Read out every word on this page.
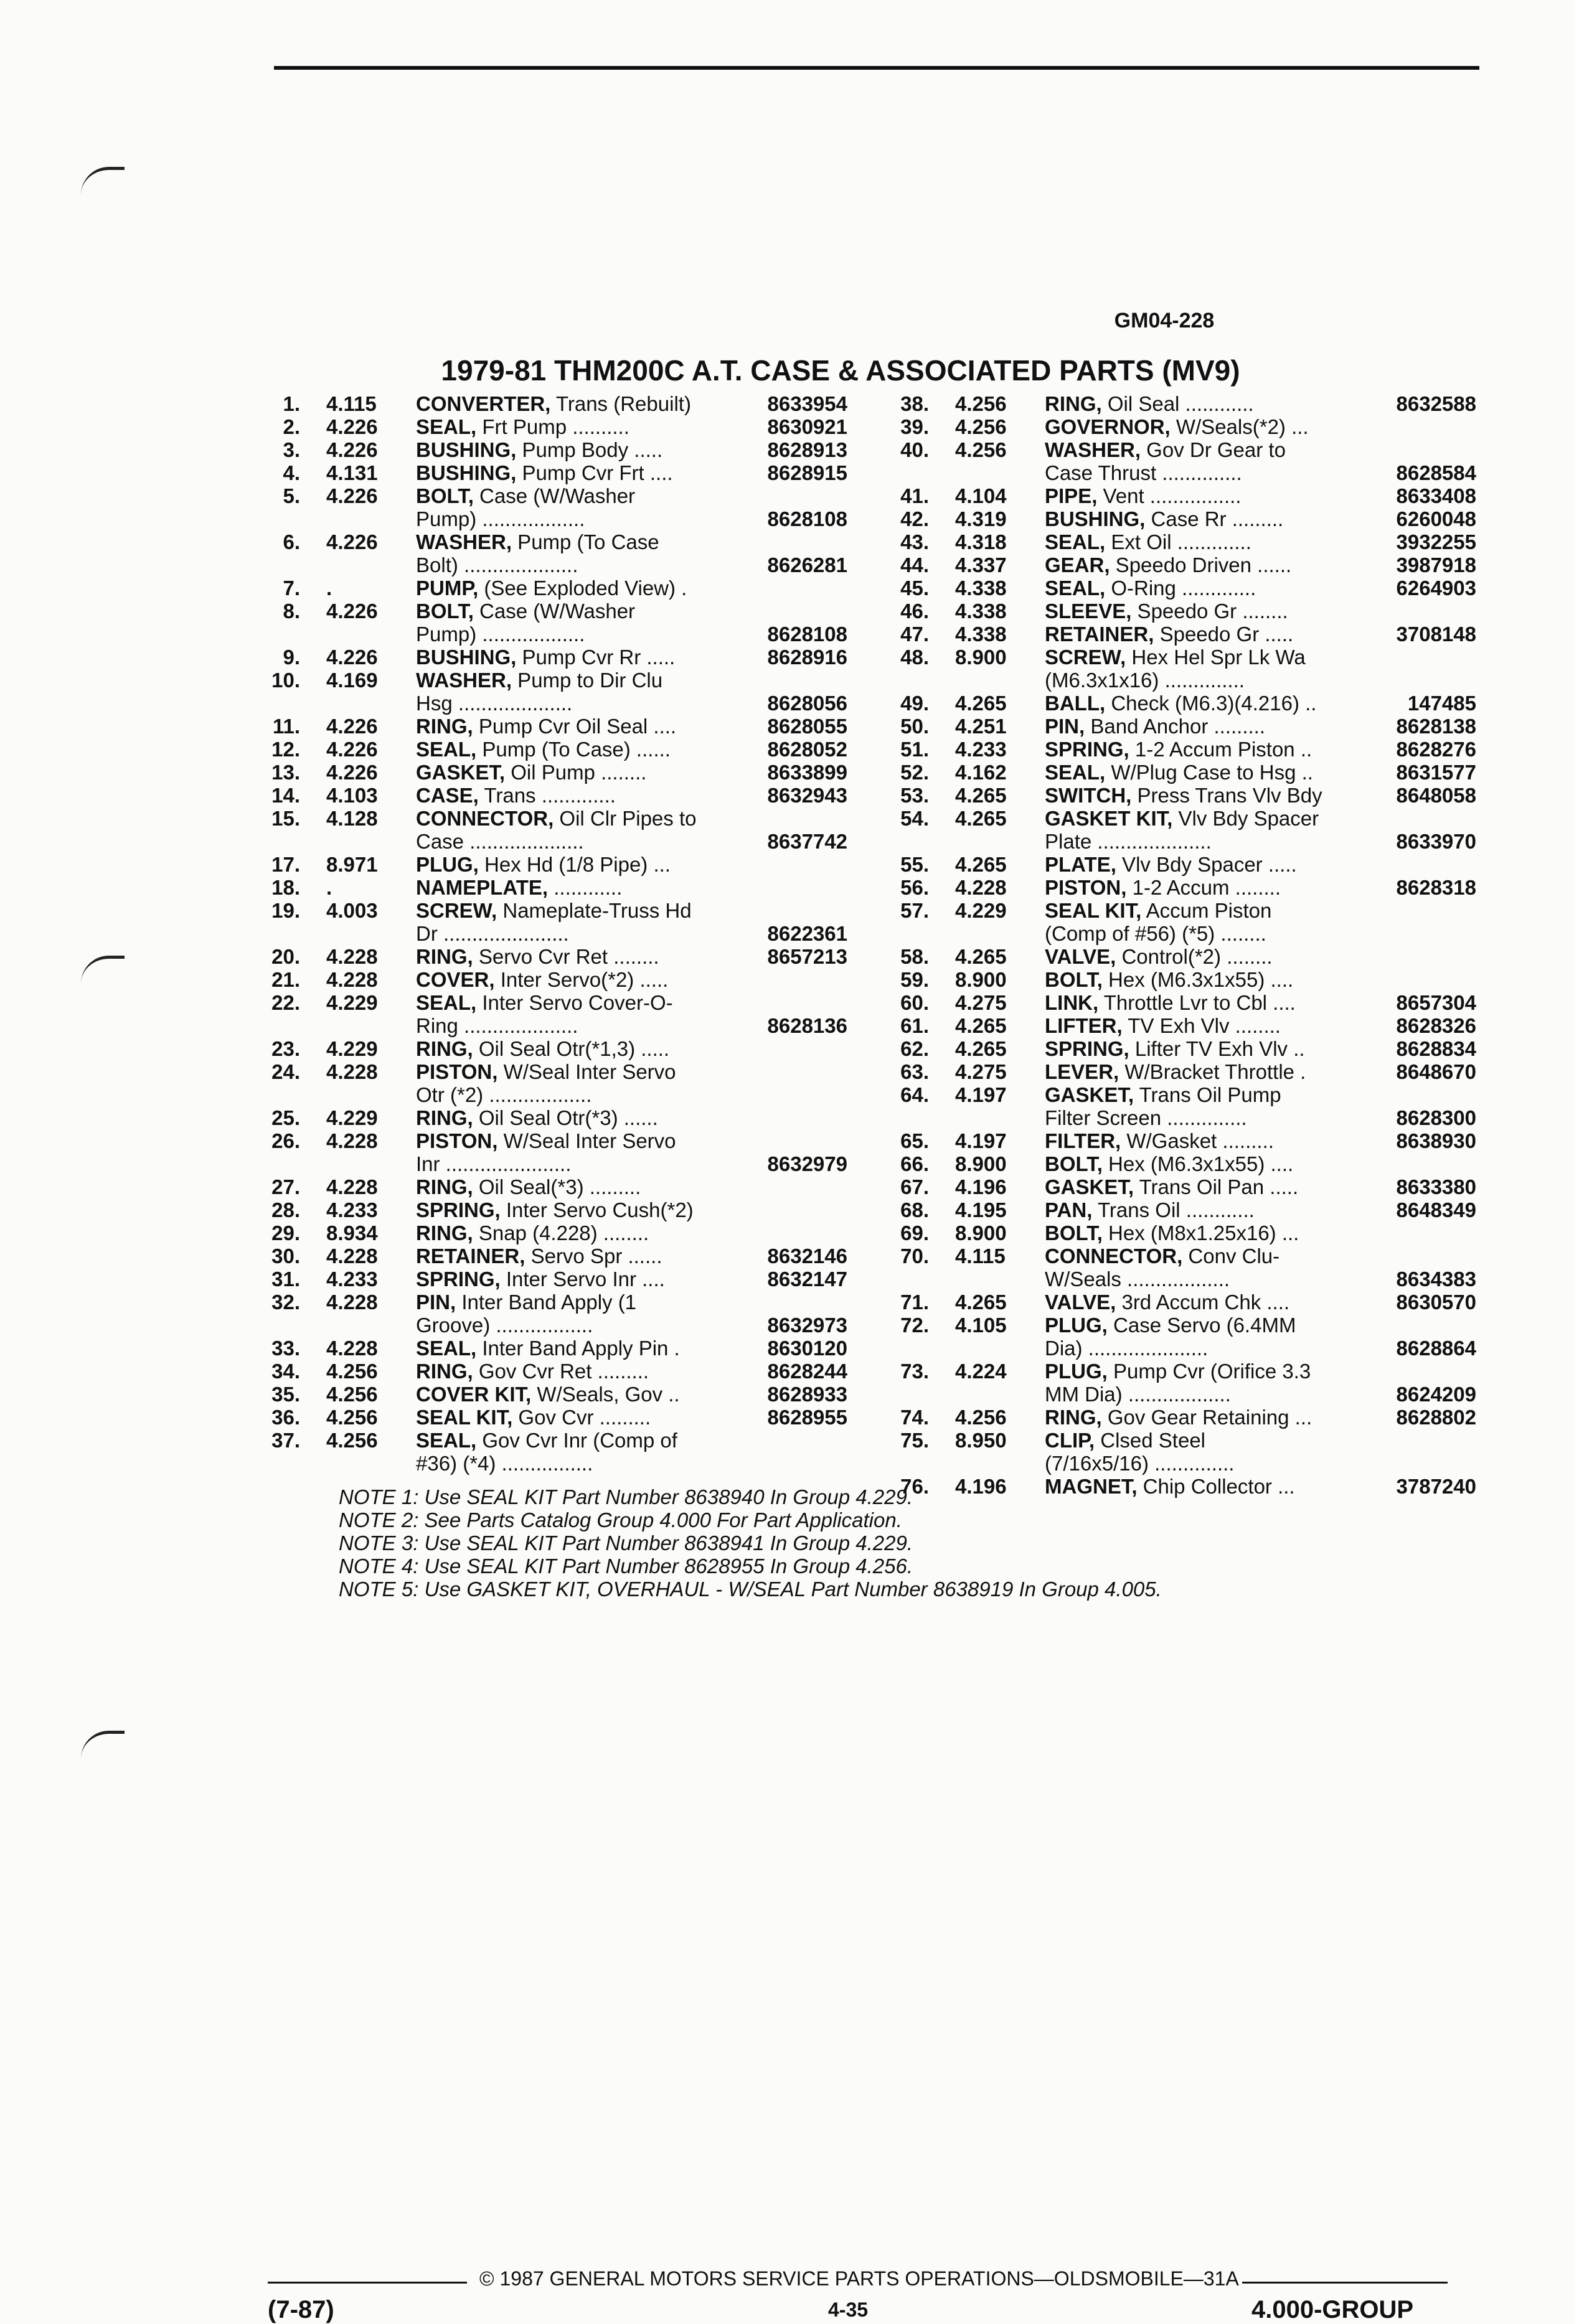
GM04-228
1979-81 THM200C A.T. CASE & ASSOCIATED PARTS (MV9)
1. 4.115 CONVERTER, Trans (Rebuilt)	8633954
2. 4.226 SEAL, Frt Pump ..........	8630921
3. 4.226 BUSHING, Pump Body .....	8628913
4. 4.131 BUSHING, Pump Cvr Frt ....	8628915
5. 4.226 BOLT, Case (W/Washer
Pump) ..................	8628108
6. 4.226 WASHER, Pump (To Case
Bolt) ....................	8626281
7. .	PUMP, (See Exploded View) .
8. 4.226 BOLT, Case (W/Washer
Pump) ..................	8628108
9. 4.226 BUSHING, Pump Cvr Rr .....	8628916
10. 4.169 WASHER, Pump to Dir Clu
Hsg ....................	8628056
11. 4.226 RING, Pump Cvr Oil Seal ....	8628055
12. 4.226 SEAL, Pump (To Case) ......	8628052
13. 4.226 GASKET, Oil Pump ........	8633899
14. 4.103 CASE, Trans .............	8632943
15. 4.128 CONNECTOR, Oil Clr Pipes to
Case ....................	8637742
17. 8.971 PLUG, Hex Hd (1/8 Pipe) ...
18. .	NAMEPLATE, ............
19. 4.003 SCREW, Nameplate-Truss Hd
Dr ......................	8622361
20. 4.228 RING, Servo Cvr Ret ........	8657213
21. 4.228 COVER, Inter Servo(*2) .....
22. 4.229 SEAL, Inter Servo Cover-O-
Ring ....................	8628136
23. 4.229 RING, Oil Seal Otr(*1,3) .....
24. 4.228 PISTON, W/Seal Inter Servo
Otr (*2) ..................
25. 4.229 RING, Oil Seal Otr(*3) ......
26. 4.228 PISTON, W/Seal Inter Servo
Inr ......................	8632979
27. 4.228 RING, Oil Seal(*3) .........
28. 4.233 SPRING, Inter Servo Cush(*2)
29. 8.934 RING, Snap (4.228) ........
30. 4.228 RETAINER, Servo Spr ......	8632146
31. 4.233 SPRING, Inter Servo Inr ....	8632147
32. 4.228 PIN, Inter Band Apply (1
Groove) .................	8632973
33. 4.228 SEAL, Inter Band Apply Pin .	8630120
34. 4.256 RING, Gov Cvr Ret .........	8628244
35. 4.256 COVER KIT, W/Seals, Gov ..	8628933
36. 4.256 SEAL KIT, Gov Cvr .........	8628955
37. 4.256 SEAL, Gov Cvr Inr (Comp of
#36) (*4) ................
38. 4.256 RING, Oil Seal ............	8632588
39. 4.256 GOVERNOR, W/Seals(*2) ...
40. 4.256 WASHER, Gov Dr Gear to
Case Thrust ..............	8628584
41. 4.104 PIPE, Vent ................	8633408
42. 4.319 BUSHING, Case Rr .........	6260048
43. 4.318 SEAL, Ext Oil .............	3932255
44. 4.337 GEAR, Speedo Driven ......	3987918
45. 4.338 SEAL, O-Ring .............	6264903
46. 4.338 SLEEVE, Speedo Gr ........
47. 4.338 RETAINER, Speedo Gr .....	3708148
48. 8.900 SCREW, Hex Hel Spr Lk Wa
(M6.3x1x16) ..............
49. 4.265 BALL, Check (M6.3)(4.216) ..	147485
50. 4.251 PIN, Band Anchor .........	8628138
51. 4.233 SPRING, 1-2 Accum Piston ..	8628276
52. 4.162 SEAL, W/Plug Case to Hsg ..	8631577
53. 4.265 SWITCH, Press Trans Vlv Bdy	8648058
54. 4.265 GASKET KIT, Vlv Bdy Spacer
Plate ....................	8633970
55. 4.265 PLATE, Vlv Bdy Spacer .....
56. 4.228 PISTON, 1-2 Accum ........	8628318
57. 4.229 SEAL KIT, Accum Piston
(Comp of #56) (*5) ........
58. 4.265 VALVE, Control(*2) ........
59. 8.900 BOLT, Hex (M6.3x1x55) ....
60. 4.275 LINK, Throttle Lvr to Cbl ....	8657304
61. 4.265 LIFTER, TV Exh Vlv ........	8628326
62. 4.265 SPRING, Lifter TV Exh Vlv ..	8628834
63. 4.275 LEVER, W/Bracket Throttle .	8648670
64. 4.197 GASKET, Trans Oil Pump
Filter Screen ..............	8628300
65. 4.197 FILTER, W/Gasket .........	8638930
66. 8.900 BOLT, Hex (M6.3x1x55) ....
67. 4.196 GASKET, Trans Oil Pan .....	8633380
68. 4.195 PAN, Trans Oil ............	8648349
69. 8.900 BOLT, Hex (M8x1.25x16) ...
70. 4.115 CONNECTOR, Conv Clu-
W/Seals ..................	8634383
71. 4.265 VALVE, 3rd Accum Chk ....	8630570
72. 4.105 PLUG, Case Servo (6.4MM
Dia) .....................	8628864
73. 4.224 PLUG, Pump Cvr (Orifice 3.3
MM Dia) ..................	8624209
74. 4.256 RING, Gov Gear Retaining ...	8628802
75. 8.950 CLIP, Clsed Steel
(7/16x5/16) ..............
76. 4.196 MAGNET, Chip Collector ...	3787240
NOTE 1: Use SEAL KIT Part Number 8638940 In Group 4.229.
NOTE 2: See Parts Catalog Group 4.000 For Part Application.
NOTE 3: Use SEAL KIT Part Number 8638941 In Group 4.229.
NOTE 4: Use SEAL KIT Part Number 8628955 In Group 4.256.
NOTE 5: Use GASKET KIT, OVERHAUL - W/SEAL Part Number 8638919 In Group 4.005.
© 1987 GENERAL MOTORS SERVICE PARTS OPERATIONS—OLDSMOBILE—31A
(7-87)	4-35	4.000-GROUP
